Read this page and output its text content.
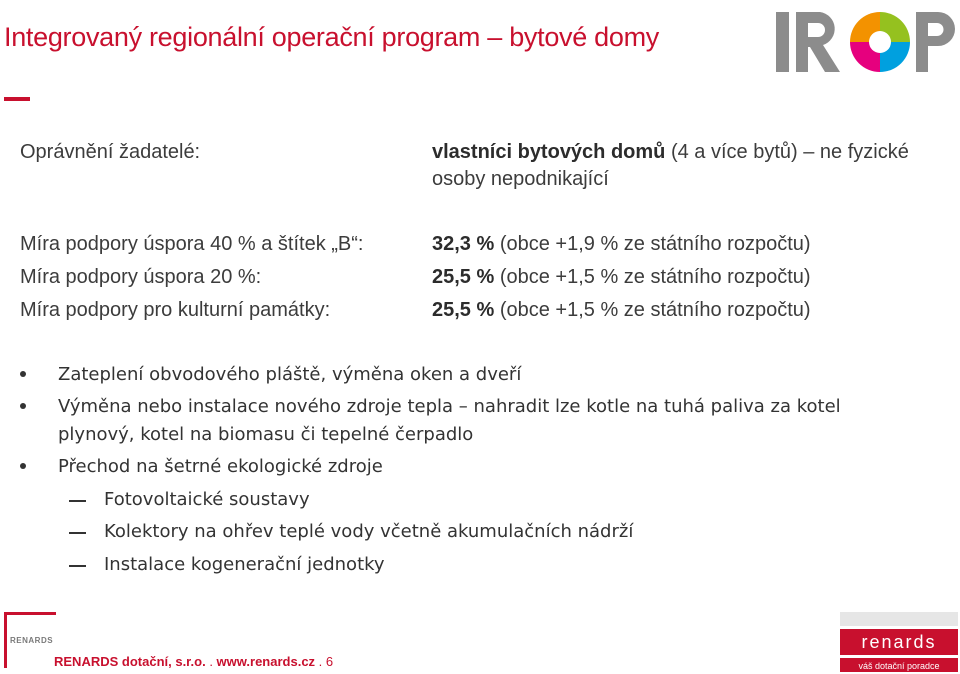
Integrovaný regionální operační program – bytové domy
Oprávnění žadatelé:	vlastníci bytových domů (4 a více bytů) – ne fyzické
osoby nepodnikající
Míra podpory úspora 40 % a štítek „B“:	32,3 % (obce +1,9 % ze státního rozpočtu)
Míra podpory úspora 20 %:	25,5 % (obce +1,5 % ze státního rozpočtu)
Míra podpory pro kulturní památky:	25,5 % (obce +1,5 % ze státního rozpočtu)
Zateplení obvodového pláště, výměna oken a dveří
Výměna nebo instalace nového zdroje tepla – nahradit lze kotle na tuhá paliva za kotel
plynový, kotel na biomasu či tepelné čerpadlo
Přechod na šetrné ekologické zdroje
Fotovoltaické soustavy
Kolektory na ohřev teplé vody včetně akumulačních nádrží
Instalace kogenerační jednotky
RENARDS
RENARDS dotační, s.r.o. . www.renards.cz . 6
renards
váš dotační poradce
